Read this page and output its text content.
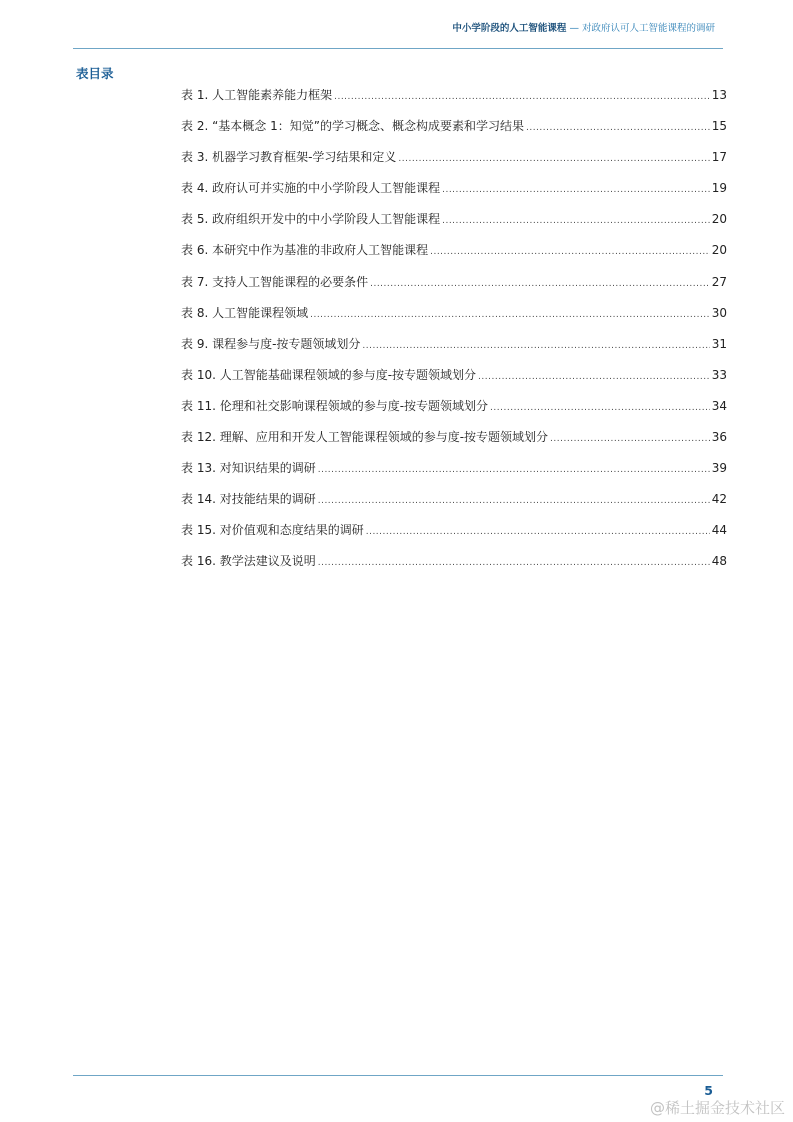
中小学阶段的人工智能课程 — 对政府认可人工智能课程的调研
表目录
表 1. 人工智能素养能力框架 .....	13
表 2. “基本概念 1：知觉”的学习概念、概念构成要素和学习结果 .....	15
表 3. 机器学习教育框架-学习结果和定义 .....	17
表 4. 政府认可并实施的中小学阶段人工智能课程 .....	19
表 5. 政府组织开发中的中小学阶段人工智能课程 .....	20
表 6. 本研究中作为基准的非政府人工智能课程 .....	20
表 7. 支持人工智能课程的必要条件 .....	27
表 8. 人工智能课程领域 .....	30
表 9. 课程参与度-按专题领域划分 .....	31
表 10. 人工智能基础课程领域的参与度-按专题领域划分 .....	33
表 11. 伦理和社交影响课程领域的参与度-按专题领域划分 .....	34
表 12. 理解、应用和开发人工智能课程领域的参与度-按专题领域划分 .....	36
表 13. 对知识结果的调研 .....	39
表 14. 对技能结果的调研 .....	42
表 15. 对价值观和态度结果的调研 .....	44
表 16. 教学法建议及说明 .....	48
5
@稀土掘金技术社区
